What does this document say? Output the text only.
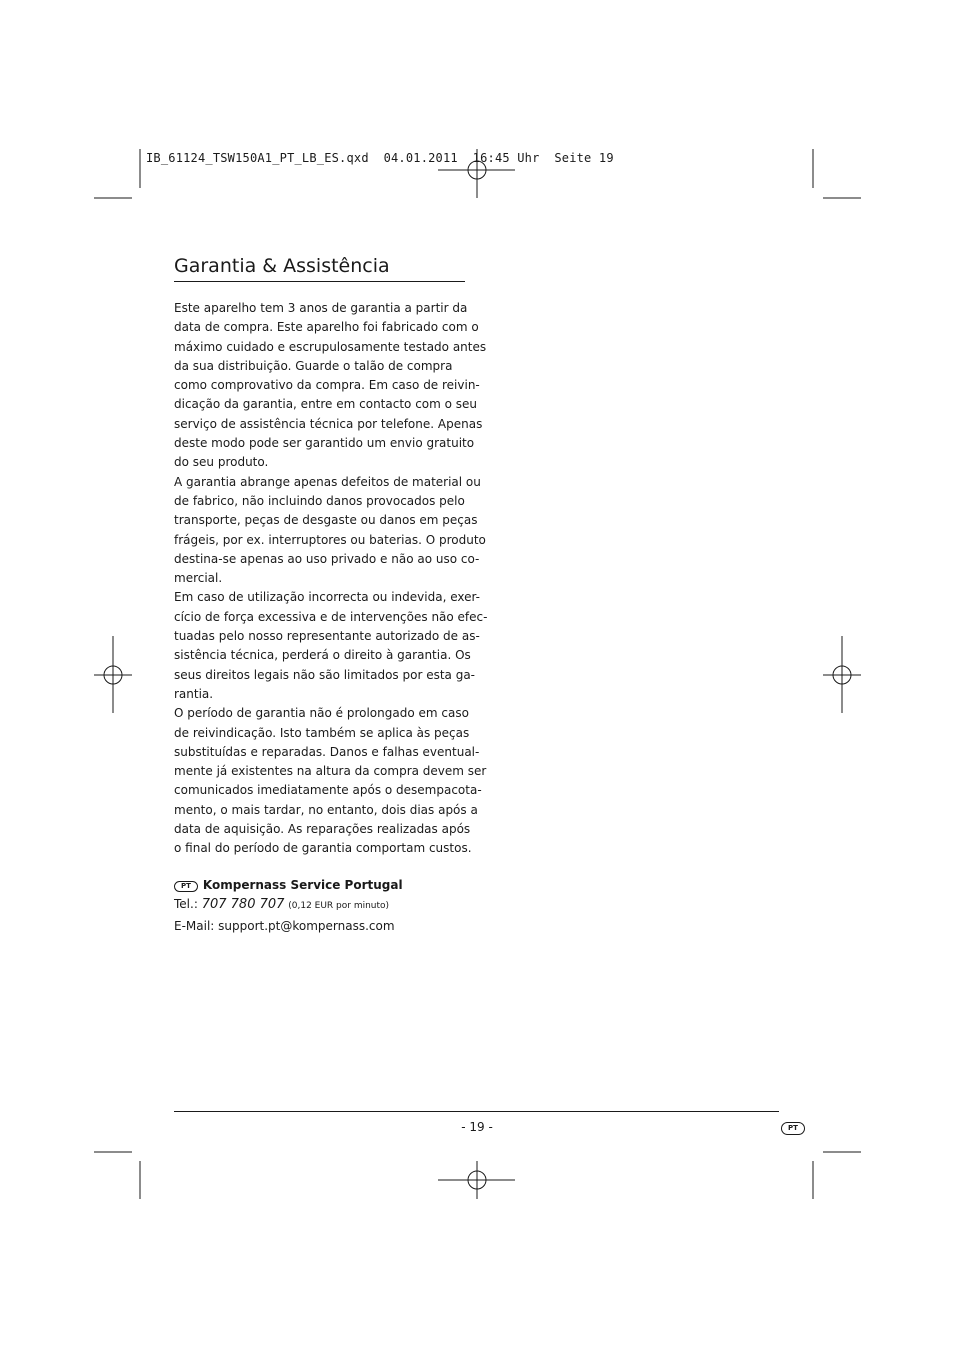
IB_61124_TSW150A1_PT_LB_ES.qxd  04.01.2011  16:45 Uhr  Seite 19
Garantia & Assistência
Este aparelho tem 3 anos de garantia a partir da
data de compra. Este aparelho foi fabricado com o
máximo cuidado e escrupulosamente testado antes
da sua distribuição. Guarde o talão de compra
como comprovativo da compra. Em caso de reivin-
dicação da garantia, entre em contacto com o seu
serviço de assistência técnica por telefone. Apenas
deste modo pode ser garantido um envio gratuito
do seu produto.
A garantia abrange apenas defeitos de material ou
de fabrico, não incluindo danos provocados pelo
transporte, peças de desgaste ou danos em peças
frágeis, por ex. interruptores ou baterias. O produto
destina-se apenas ao uso privado e não ao uso co-
mercial.
Em caso de utilização incorrecta ou indevida, exer-
cício de força excessiva e de intervenções não efec-
tuadas pelo nosso representante autorizado de as-
sistência técnica, perderá o direito à garantia. Os
seus direitos legais não são limitados por esta ga-
rantia.
O período de garantia não é prolongado em caso
de reivindicação. Isto também se aplica às peças
substituídas e reparadas. Danos e falhas eventual-
mente já existentes na altura da compra devem ser
comunicados imediatamente após o desempacota-
mento, o mais tardar, no entanto, dois dias após a
data de aquisição. As reparações realizadas após
o final do período de garantia comportam custos.
PT Kompernass Service Portugal
Tel.: 707 780 707 (0,12 EUR por minuto)
E-Mail: support.pt@kompernass.com
- 19 -	PT
